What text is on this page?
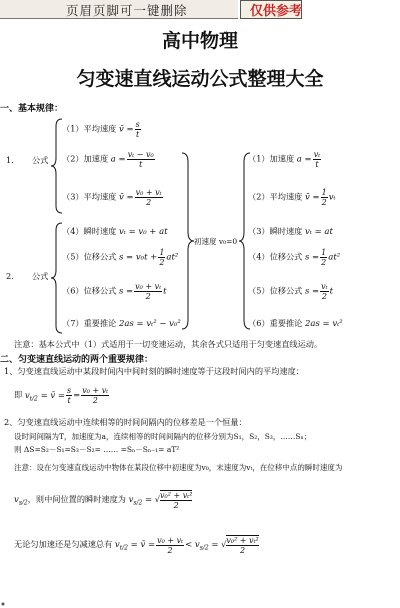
页眉页脚可一键删除	仅供参考
高中物理
匀变速直线运动公式整理大全
一、基本规律：
1. 公式
2. 公式
（1）平均速度 v̄ = $\frac{s}{t}$
（2）加速度 $a = \frac{\text{vₜ − v₀}}{t}$
（3）平均速度 v̄ = $\frac{\text{v₀ + vₜ}}{2}$
（4）瞬时速度 vₜ = v₀ + at
（5）位移公式 $s = v_0t + \frac{1}{2} at^2$
（6）位移公式 $s = \frac{\text{v₀ + vₜ}}{2}$ t
（7）重要推论 2as = vₜ² − v₀²
初速度 v₀=0
（1）加速度 $a = \frac{\text{vₜ}}{t}$
（2）平均速度 v̄ = $\frac{1}{2}$ vₜ
（3）瞬时速度 vₜ = at
（4）位移公式 $s = \frac{1}{2} at^2$
（5）位移公式 $s = \frac{\text{vₜ}}{2}$ t
（6）重要推论 2as = vₜ²
注意：基本公式中（1）式适用于一切变速运动，其余各式只适用于匀变速直线运动。
二、匀变速直线运动的两个重要规律：
1、匀变速直线运动中某段时间内中间时刻的瞬时速度等于这段时间内的平均速度：
即 $v_{t/2}$ = v̄ = $\frac{s}{t} = \frac{\text{v₀ + vₜ}}{2}$
2、匀变速直线运动中连续相等的时间间隔内的位移差是一个恒量：
设时间间隔为T，加速度为a，连续相等的时间间隔内的位移分别为S₁，S₂，S₃，……Sₙ；
则 ΔS=S₂－S₁=S₃－S₂= …… =Sₙ－Sₙ₋₁= aT²
注意：设在匀变速直线运动中物体在某段位移中初速度为v₀，末速度为vₜ，在位移中点的瞬时速度为
$v_{s/2}$，则中间位置的瞬时速度为 $v_{s/2}$ = √ $\frac{\text{v₀² + vₜ²}}{2}$
无论匀加速还是匀减速总有 $v_{t/2}$ = v̄ = $\frac{\text{v₀ + vₜ}}{2} < v_{s/2}$ = √ $\frac{\text{v₀² + vₜ²}}{2}$
